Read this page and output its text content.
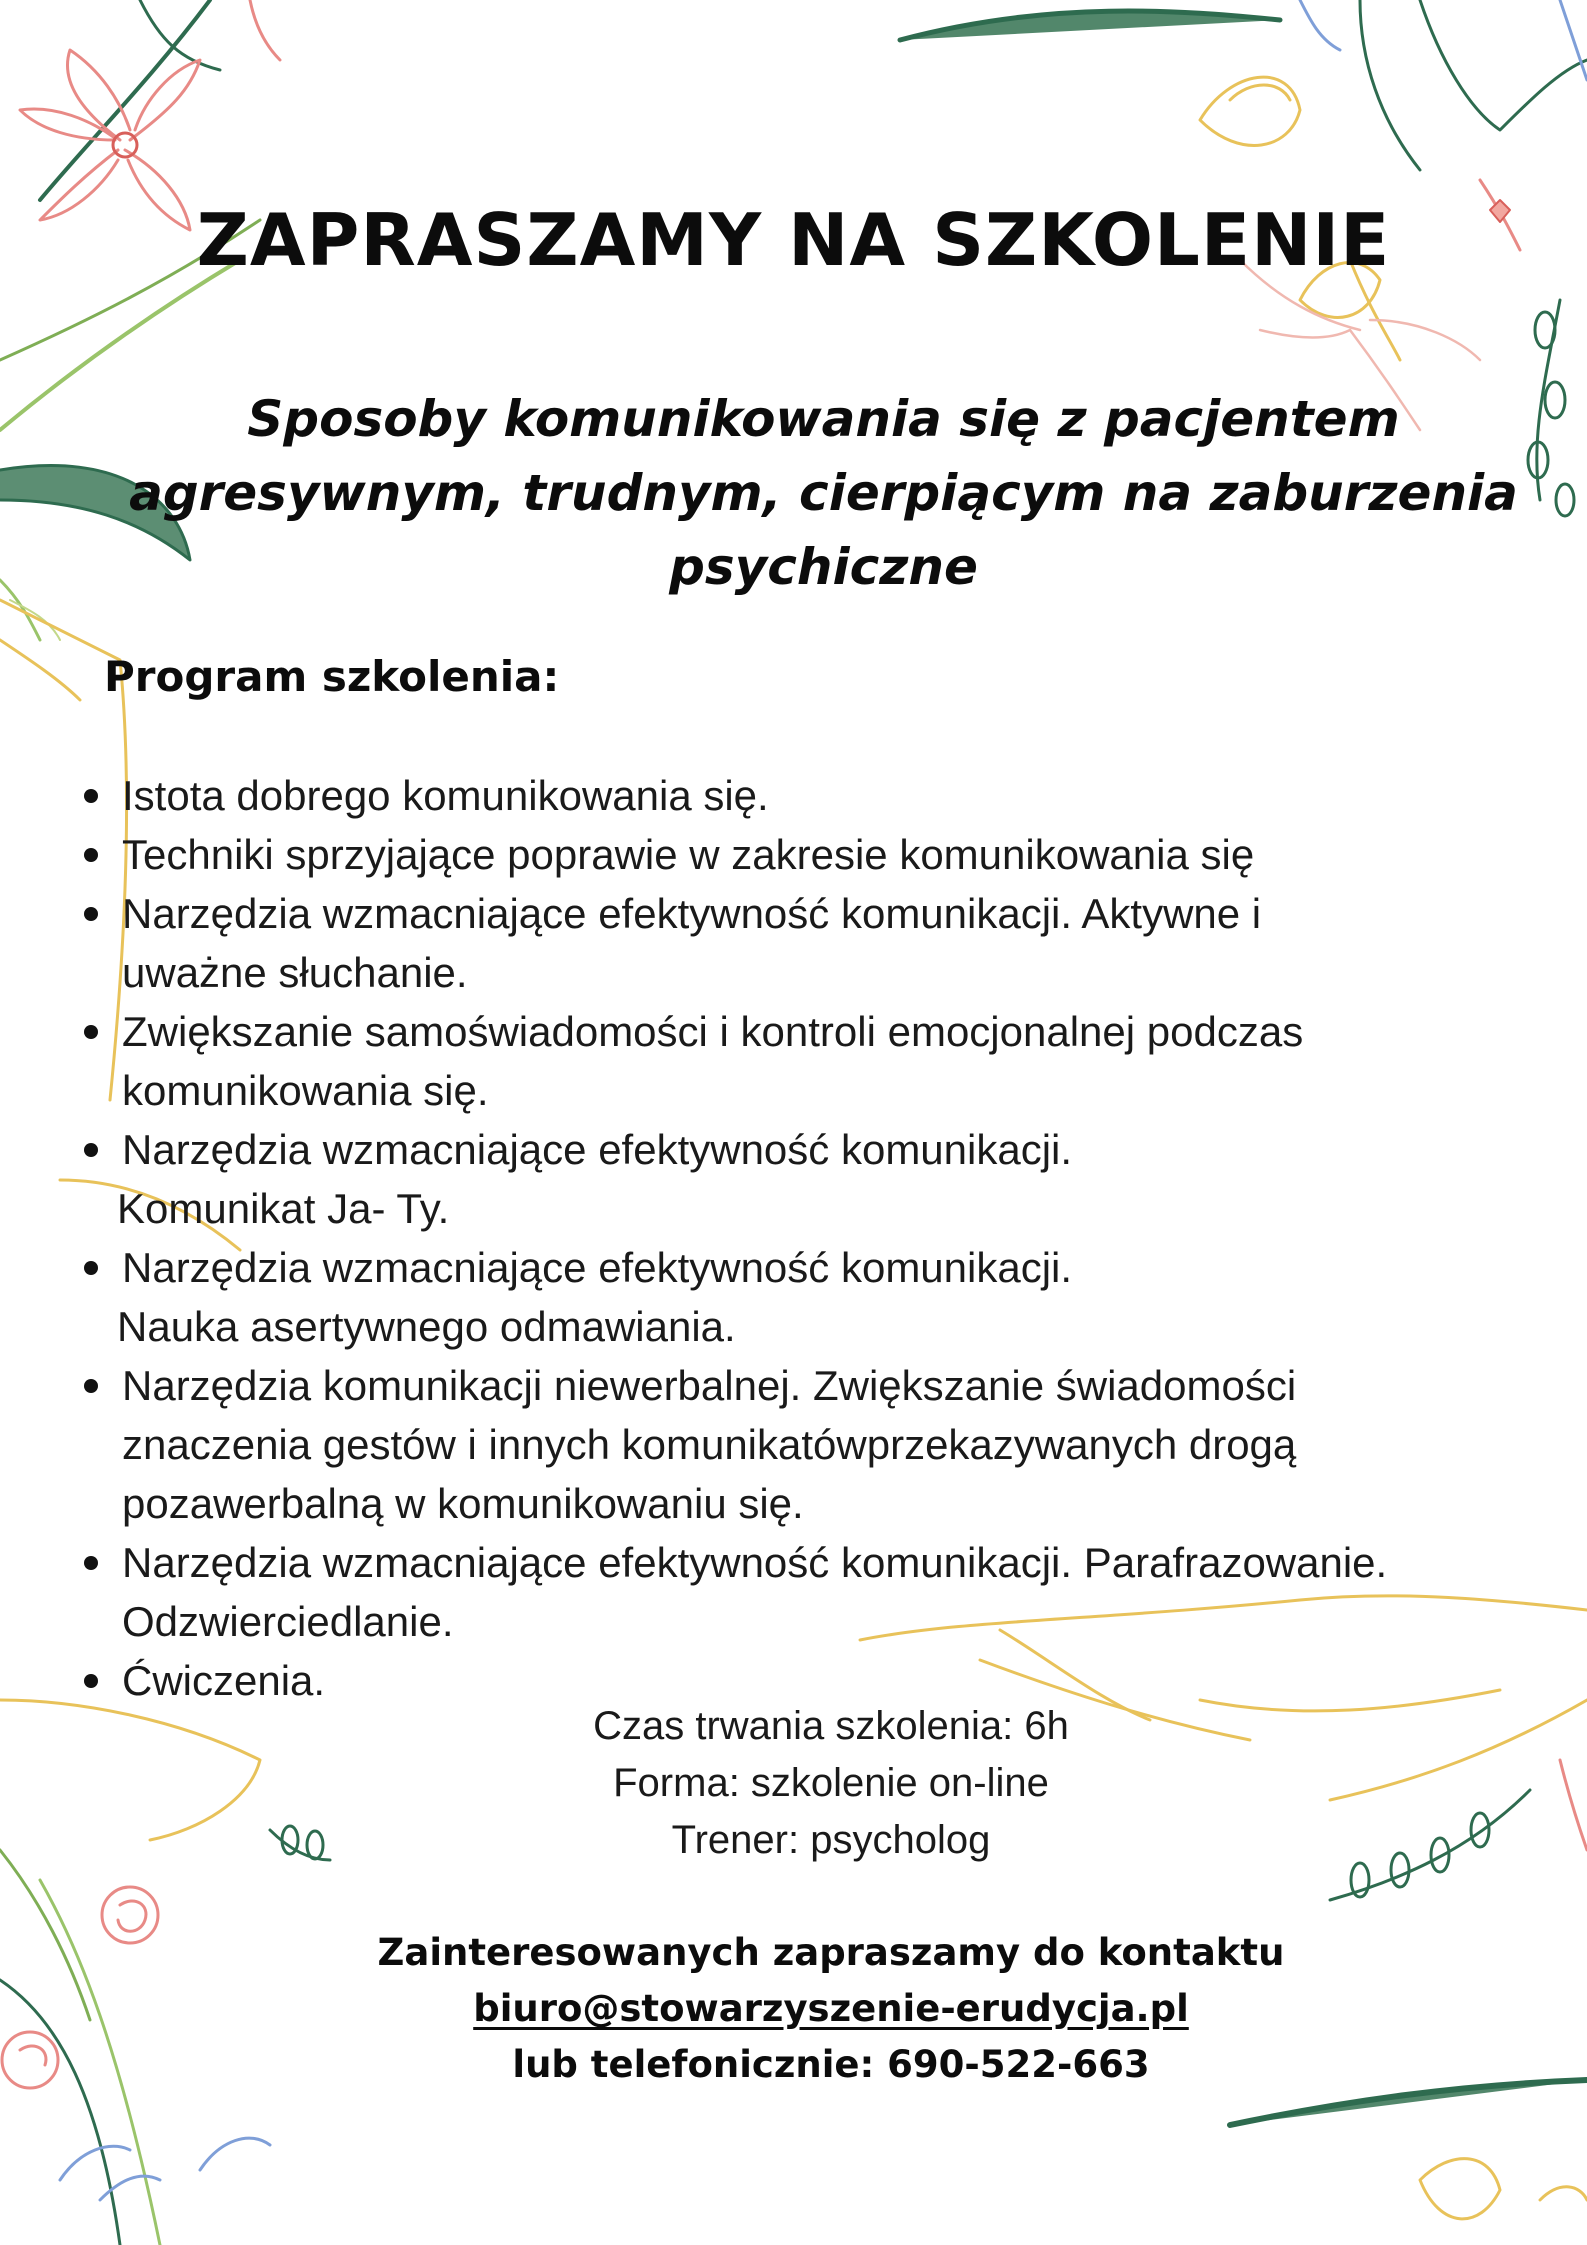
ZAPRASZAMY NA SZKOLENIE
Sposoby komunikowania się z pacjentem
agresywnym, trudnym, cierpiącym na zaburzenia
psychiczne
Program szkolenia:
Istota dobrego komunikowania się.
Techniki sprzyjające poprawie w zakresie komunikowania się
Narzędzia wzmacniające efektywność komunikacji. Aktywne i
uważne słuchanie.
Zwiększanie samoświadomości i kontroli emocjonalnej podczas
komunikowania się.
Narzędzia wzmacniające efektywność komunikacji.
Komunikat Ja- Ty.
Narzędzia wzmacniające efektywność komunikacji.
Nauka asertywnego odmawiania.
Narzędzia komunikacji niewerbalnej. Zwiększanie świadomości
znaczenia gestów i innych komunikatówprzekazywanych drogą
pozawerbalną w komunikowaniu się.
Narzędzia wzmacniające efektywność komunikacji. Parafrazowanie.
Odzwierciedlanie.
Ćwiczenia.
Czas trwania szkolenia: 6h
Forma: szkolenie on-line
Trener: psycholog
Zainteresowanych zapraszamy do kontaktu
biuro@stowarzyszenie-erudycja.pl
lub telefonicznie: 690-522-663
